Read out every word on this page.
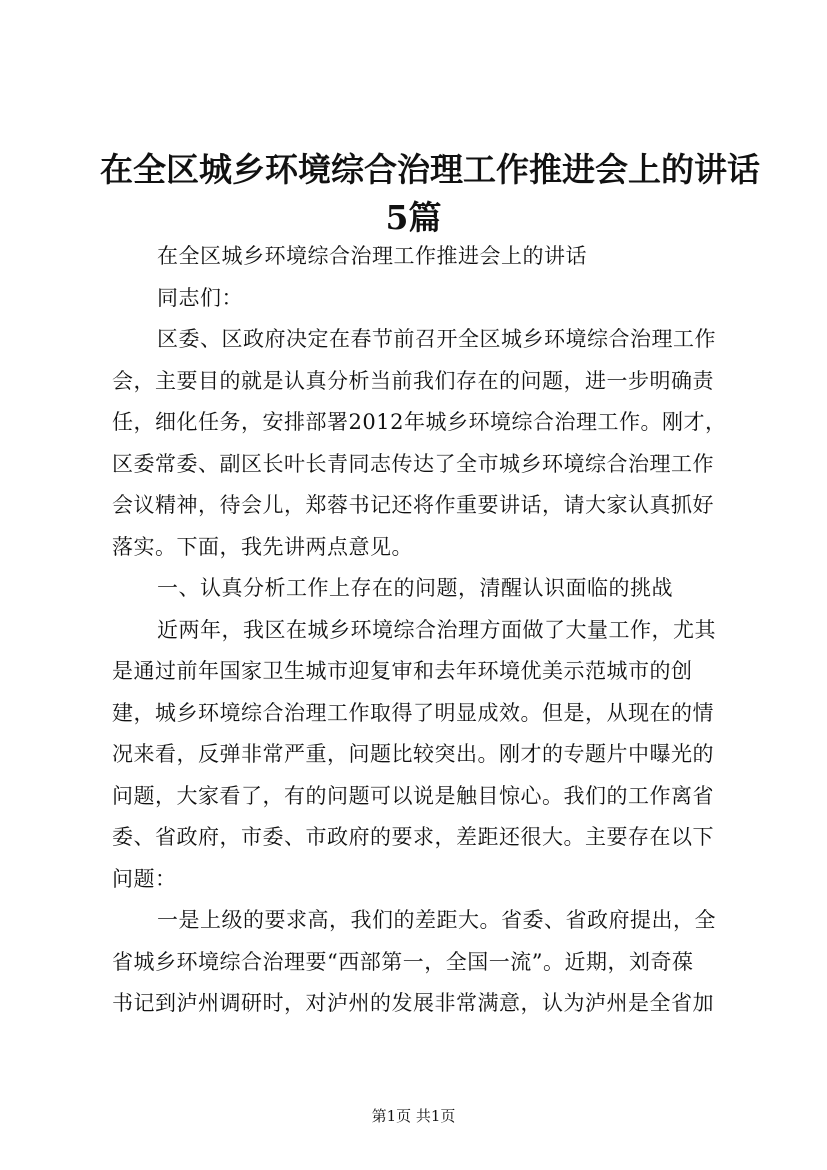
在全区城乡环境综合治理工作推进会上的讲话
5篇
在全区城乡环境综合治理工作推进会上的讲话
同志们：
区委、区政府决定在春节前召开全区城乡环境综合治理工作
会，主要目的就是认真分析当前我们存在的问题，进一步明确责
任，细化任务，安排部署2012年城乡环境综合治理工作。刚才，
区委常委、副区长叶长青同志传达了全市城乡环境综合治理工作
会议精神，待会儿，郑蓉书记还将作重要讲话，请大家认真抓好
落实。下面，我先讲两点意见。
一、认真分析工作上存在的问题，清醒认识面临的挑战
近两年，我区在城乡环境综合治理方面做了大量工作，尤其
是通过前年国家卫生城市迎复审和去年环境优美示范城市的创
建，城乡环境综合治理工作取得了明显成效。但是，从现在的情
况来看，反弹非常严重，问题比较突出。刚才的专题片中曝光的
问题，大家看了，有的问题可以说是触目惊心。我们的工作离省
委、省政府，市委、市政府的要求，差距还很大。主要存在以下
问题：
一是上级的要求高，我们的差距大。省委、省政府提出，全
省城乡环境综合治理要“西部第一，全国一流”。近期，刘奇葆
书记到泸州调研时，对泸州的发展非常满意，认为泸州是全省加
第1页 共1页
